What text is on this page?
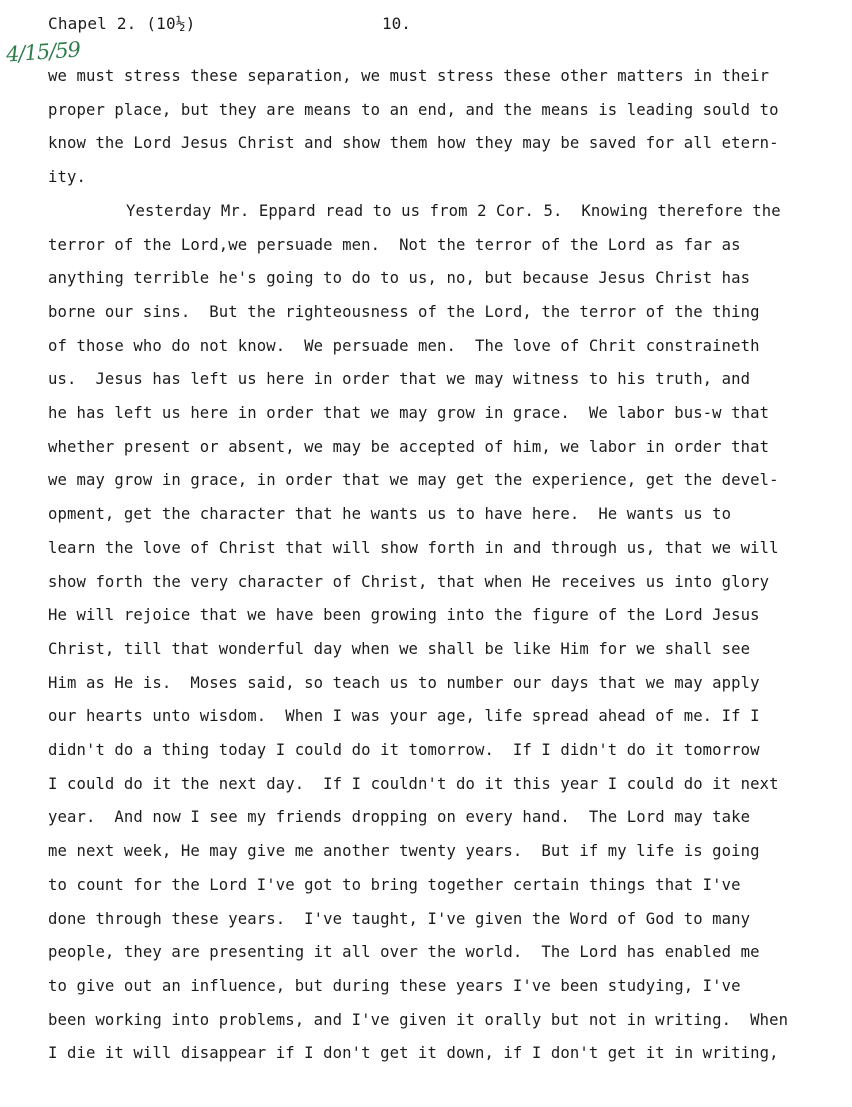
Chapel 2. (10½)	10.
4/15/59
we must stress these separation, we must stress these other matters in their
proper place, but they are means to an end, and the means is leading sould to
know the Lord Jesus Christ and show them how they may be saved for all etern-
ity.
Yesterday Mr. Eppard read to us from 2 Cor. 5.  Knowing therefore the
terror of the Lord,we persuade men.  Not the terror of the Lord as far as
anything terrible he's going to do to us, no, but because Jesus Christ has
borne our sins.  But the righteousness of the Lord, the terror of the thing
of those who do not know.  We persuade men.  The love of Chrit constraineth
us.  Jesus has left us here in order that we may witness to his truth, and
he has left us here in order that we may grow in grace.  We labor bus-w that
whether present or absent, we may be accepted of him, we labor in order that
we may grow in grace, in order that we may get the experience, get the devel-
opment, get the character that he wants us to have here.  He wants us to
learn the love of Christ that will show forth in and through us, that we will
show forth the very character of Christ, that when He receives us into glory
He will rejoice that we have been growing into the figure of the Lord Jesus
Christ, till that wonderful day when we shall be like Him for we shall see
Him as He is.  Moses said, so teach us to number our days that we may apply
our hearts unto wisdom.  When I was your age, life spread ahead of me. If I
didn't do a thing today I could do it tomorrow.  If I didn't do it tomorrow
I could do it the next day.  If I couldn't do it this year I could do it next
year.  And now I see my friends dropping on every hand.  The Lord may take
me next week, He may give me another twenty years.  But if my life is going
to count for the Lord I've got to bring together certain things that I've
done through these years.  I've taught, I've given the Word of God to many
people, they are presenting it all over the world.  The Lord has enabled me
to give out an influence, but during these years I've been studying, I've
been working into problems, and I've given it orally but not in writing.  When
I die it will disappear if I don't get it down, if I don't get it in writing,
